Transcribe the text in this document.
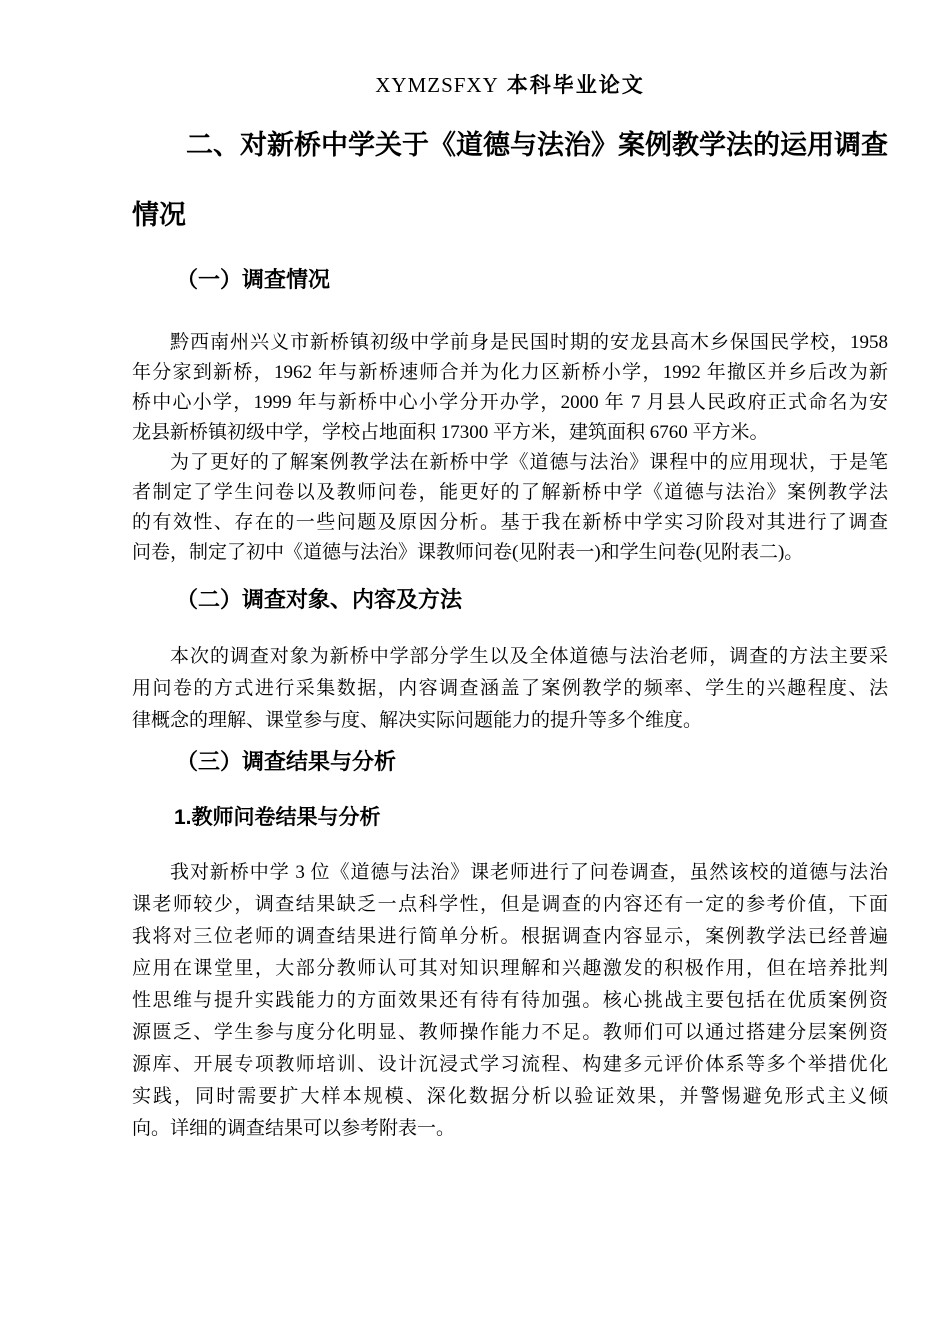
XYMZSFXY 本科毕业论文
二、对新桥中学关于《道德与法治》案例教学法的运用调查
情况
（一）调查情况
黔西南州兴义市新桥镇初级中学前身是民国时期的安龙县高木乡保国民学校，1958
年分家到新桥，1962 年与新桥速师合并为化力区新桥小学，1992 年撤区并乡后改为新
桥中心小学，1999 年与新桥中心小学分开办学，2000 年 7 月县人民政府正式命名为安
龙县新桥镇初级中学，学校占地面积 17300 平方米，建筑面积 6760 平方米。
为了更好的了解案例教学法在新桥中学《道德与法治》课程中的应用现状，于是笔
者制定了学生问卷以及教师问卷，能更好的了解新桥中学《道德与法治》案例教学法
的有效性、存在的一些问题及原因分析。基于我在新桥中学实习阶段对其进行了调查
问卷，制定了初中《道德与法治》课教师问卷(见附表一)和学生问卷(见附表二)。
（二）调查对象、内容及方法
本次的调查对象为新桥中学部分学生以及全体道德与法治老师，调查的方法主要采
用问卷的方式进行采集数据，内容调查涵盖了案例教学的频率、学生的兴趣程度、法
律概念的理解、课堂参与度、解决实际问题能力的提升等多个维度。
（三）调查结果与分析
1.教师问卷结果与分析
我对新桥中学 3 位《道德与法治》课老师进行了问卷调查，虽然该校的道德与法治
课老师较少，调查结果缺乏一点科学性，但是调查的内容还有一定的参考价值，下面
我将对三位老师的调查结果进行简单分析。根据调查内容显示，案例教学法已经普遍
应用在课堂里，大部分教师认可其对知识理解和兴趣激发的积极作用，但在培养批判
性思维与提升实践能力的方面效果还有待有待加强。核心挑战主要包括在优质案例资
源匮乏、学生参与度分化明显、教师操作能力不足。教师们可以通过搭建分层案例资
源库、开展专项教师培训、设计沉浸式学习流程、构建多元评价体系等多个举措优化
实践，同时需要扩大样本规模、深化数据分析以验证效果，并警惕避免形式主义倾
向。详细的调查结果可以参考附表一。
